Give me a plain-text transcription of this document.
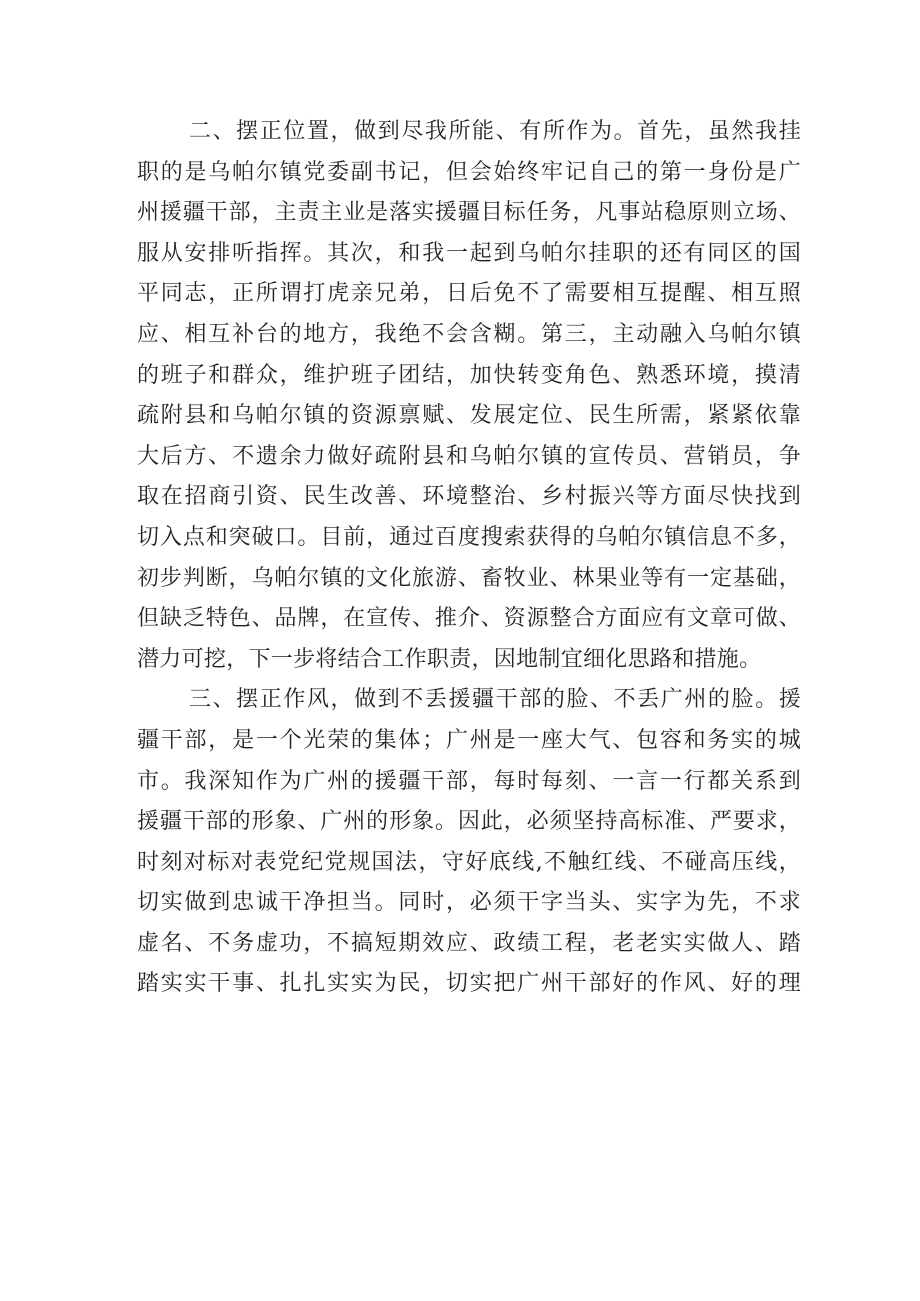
二、摆正位置，做到尽我所能、有所作为。首先，虽然我挂
职的是乌帕尔镇党委副书记，但会始终牢记自己的第一身份是广
州援疆干部，主责主业是落实援疆目标任务，凡事站稳原则立场、
服从安排听指挥。其次，和我一起到乌帕尔挂职的还有同区的国
平同志，正所谓打虎亲兄弟，日后免不了需要相互提醒、相互照
应、相互补台的地方，我绝不会含糊。第三，主动融入乌帕尔镇
的班子和群众，维护班子团结，加快转变角色、熟悉环境，摸清
疏附县和乌帕尔镇的资源禀赋、发展定位、民生所需，紧紧依靠
大后方、不遗余力做好疏附县和乌帕尔镇的宣传员、营销员，争
取在招商引资、民生改善、环境整治、乡村振兴等方面尽快找到
切入点和突破口。目前，通过百度搜索获得的乌帕尔镇信息不多，
初步判断，乌帕尔镇的文化旅游、畜牧业、林果业等有一定基础，
但缺乏特色、品牌，在宣传、推介、资源整合方面应有文章可做、
潜力可挖，下一步将结合工作职责，因地制宜细化思路和措施。
三、摆正作风，做到不丢援疆干部的脸、不丢广州的脸。援
疆干部，是一个光荣的集体；广州是一座大气、包容和务实的城
市。我深知作为广州的援疆干部，每时每刻、一言一行都关系到
援疆干部的形象、广州的形象。因此，必须坚持高标准、严要求，
时刻对标对表党纪党规国法，守好底线,不触红线、不碰高压线，
切实做到忠诚干净担当。同时，必须干字当头、实字为先，不求
虚名、不务虚功，不搞短期效应、政绩工程，老老实实做人、踏
踏实实干事、扎扎实实为民，切实把广州干部好的作风、好的理
